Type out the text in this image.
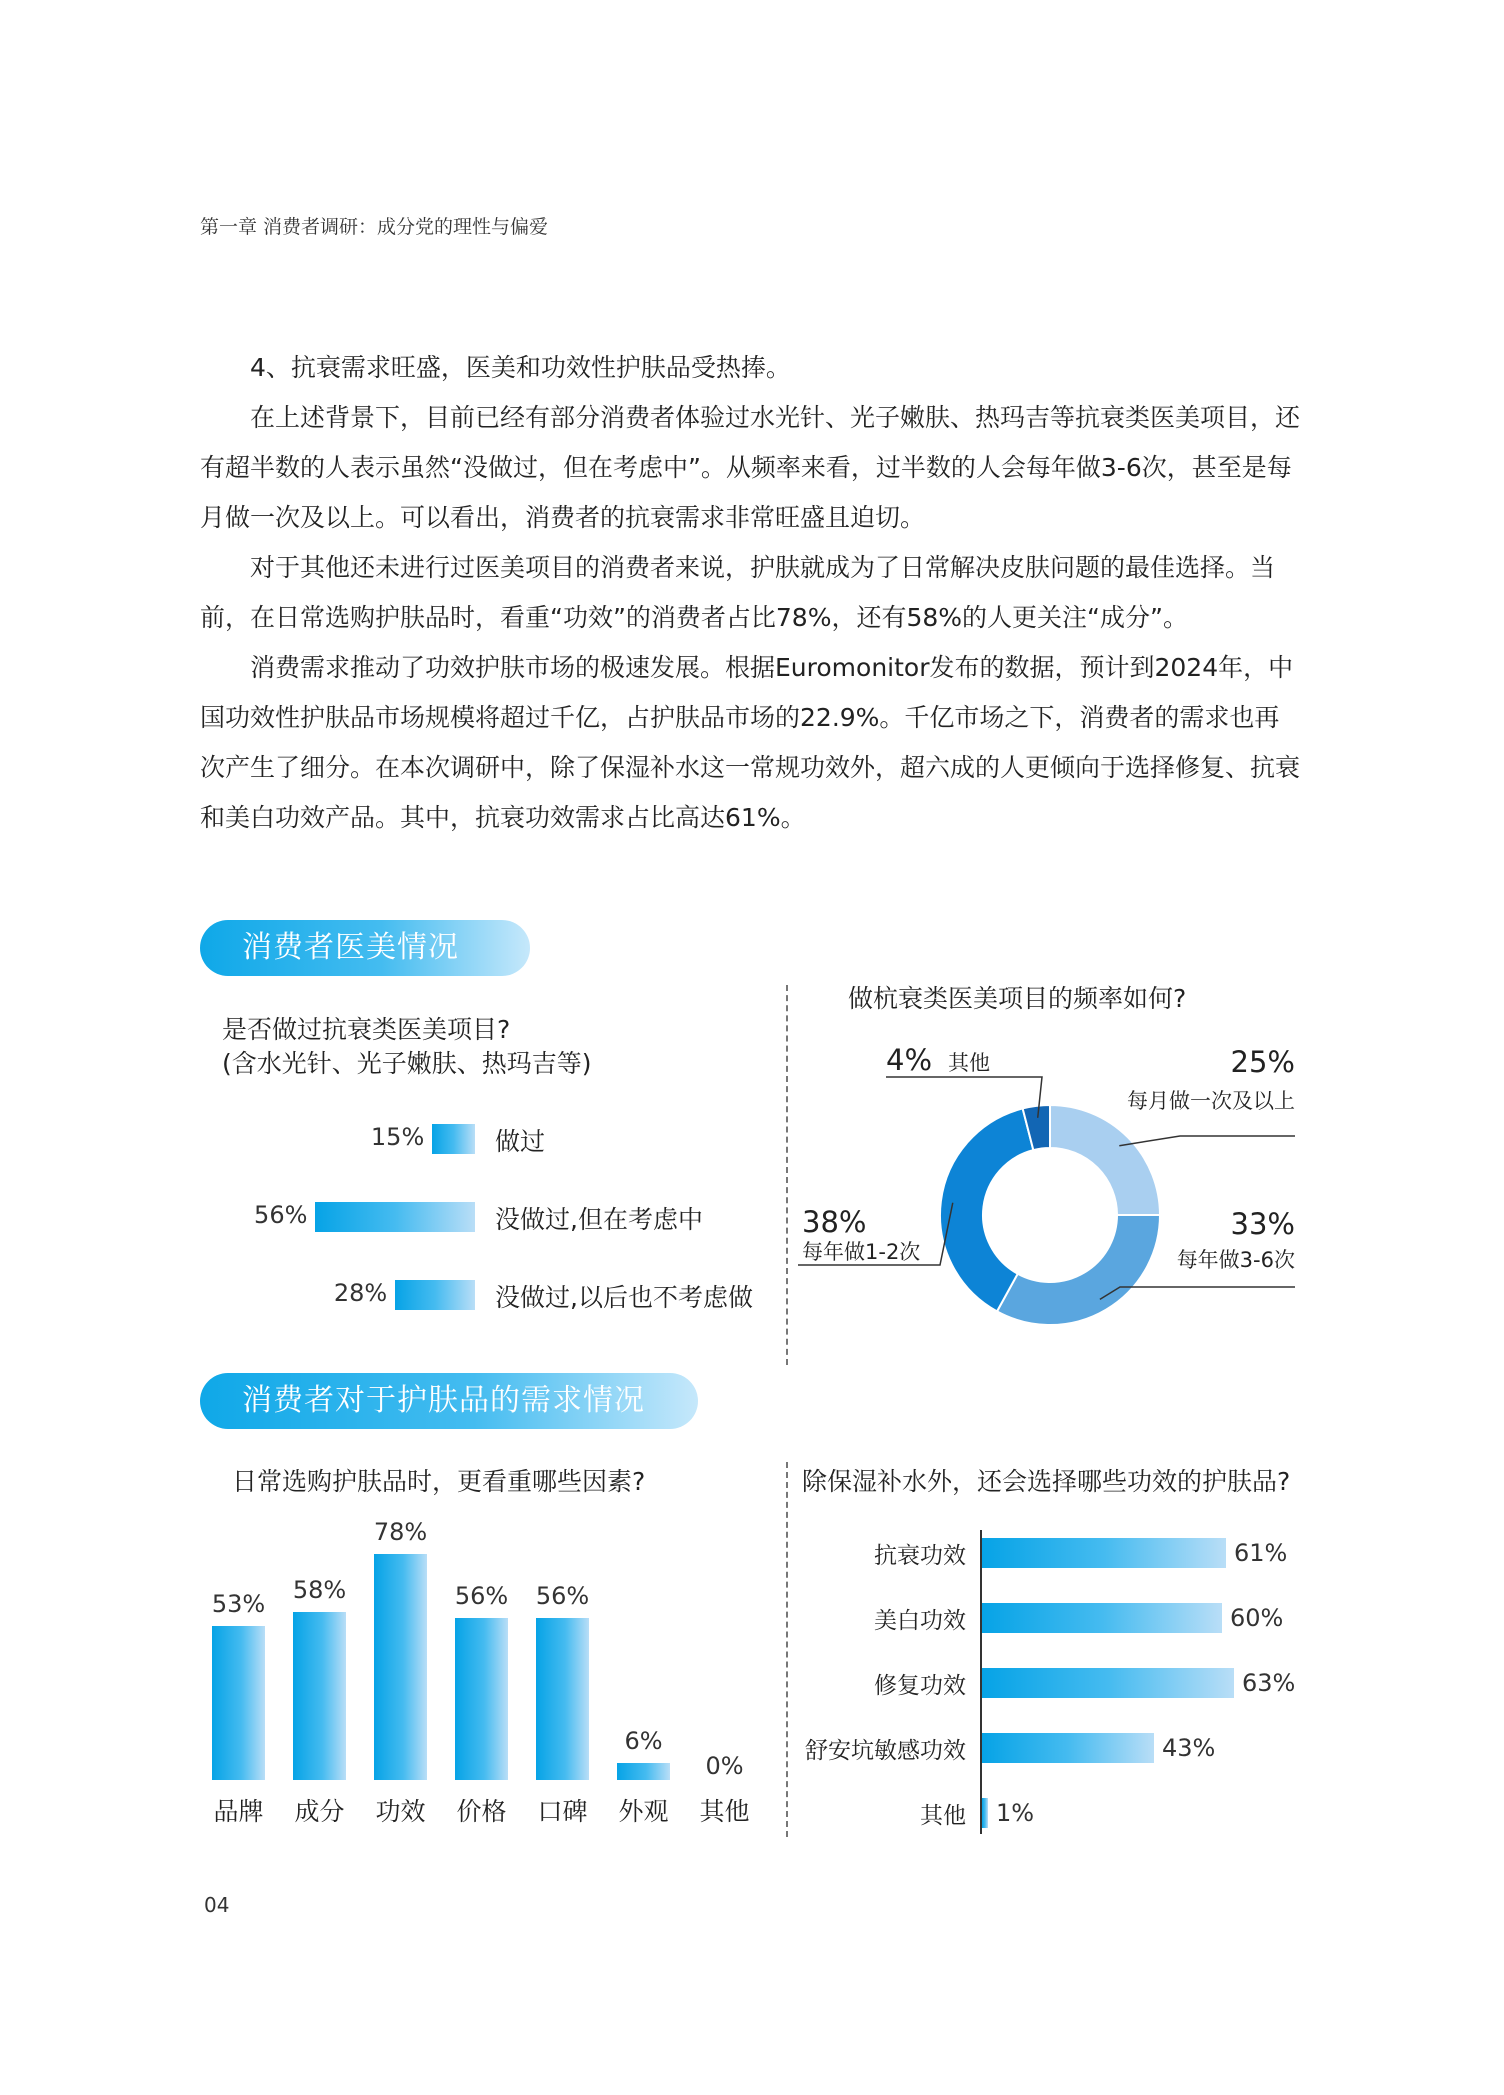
第一章 消费者调研：成分党的理性与偏爱

4、抗衰需求旺盛，医美和功效性护肤品受热捧。

在上述背景下，目前已经有部分消费者体验过水光针、光子嫩肤、热玛吉等抗衰类医美项目，还有超半数的人表示虽然“没做过，但在考虑中”。从频率来看，过半数的人会每年做3-6次，甚至是每月做一次及以上。可以看出，消费者的抗衰需求非常旺盛且迫切。

对于其他还未进行过医美项目的消费者来说，护肤就成为了日常解决皮肤问题的最佳选择。当前，在日常选购护肤品时，看重“功效”的消费者占比78%，还有58%的人更关注“成分”。

消费需求推动了功效护肤市场的极速发展。根据Euromonitor发布的数据，预计到2024年，中国功效性护肤品市场规模将超过千亿，占护肤品市场的22.9%。千亿市场之下，消费者的需求也再次产生了细分。在本次调研中，除了保湿补水这一常规功效外，超六成的人更倾向于选择修复、抗衰和美白功效产品。其中，抗衰功效需求占比高达61%。

消费者医美情况
是否做过抗衰类医美项目?
(含水光针、光子嫩肤、热玛吉等)
15%	做过
56%	没做过,但在考虑中
28%	没做过,以后也不考虑做
做杭衰类医美项目的频率如何?
25%
每月做一次及以上
33%
每年做3-6次
38%
每年做1-2次
4% 其他
消费者对于护肤品的需求情况
日常选购护肤品时，更看重哪些因素?
53%
品牌
58%
成分
78%
功效
56%
价格
56%
口碑
6%
外观
0%
其他
除保湿补水外，还会选择哪些功效的护肤品?
抗衰功效	61%
美白功效	60%
修复功效	63%
舒安坑敏感功效	43%
其他 1%
04
